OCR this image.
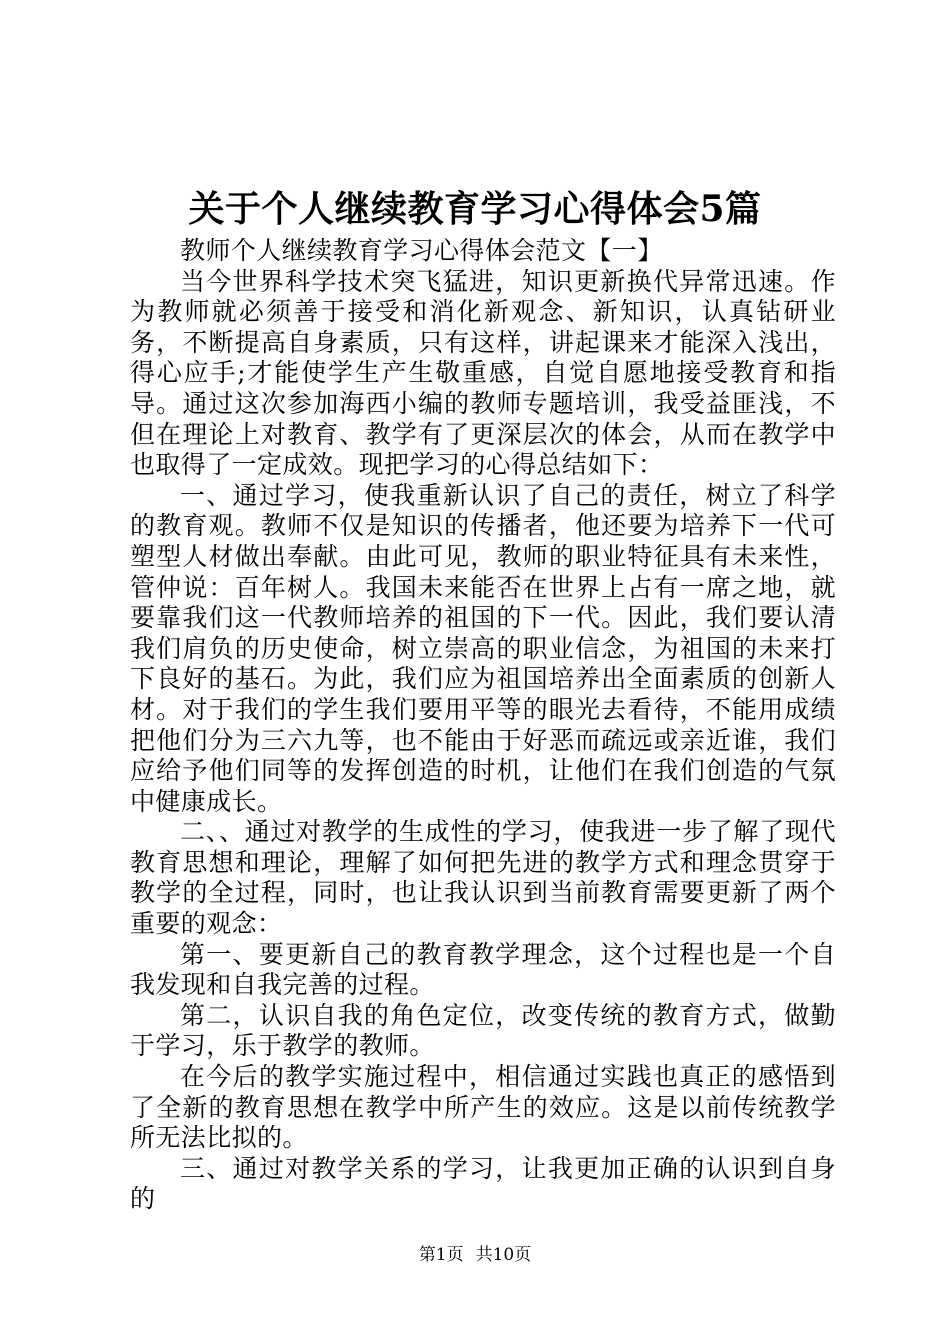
关于个人继续教育学习心得体会5篇

教师个人继续教育学习心得体会范文【一】

当今世界科学技术突飞猛进，知识更新换代异常迅速。作为教师就必须善于接受和消化新观念、新知识，认真钻研业务，不断提高自身素质，只有这样，讲起课来才能深入浅出，得心应手;才能使学生产生敬重感，自觉自愿地接受教育和指导。通过这次参加海西小编的教师专题培训，我受益匪浅，不但在理论上对教育、教学有了更深层次的体会，从而在教学中也取得了一定成效。现把学习的心得总结如下：

一、通过学习，使我重新认识了自己的责任，树立了科学的教育观。教师不仅是知识的传播者，他还要为培养下一代可塑型人材做出奉献。由此可见，教师的职业特征具有未来性，管仲说：百年树人。我国未来能否在世界上占有一席之地，就要靠我们这一代教师培养的祖国的下一代。因此，我们要认清我们肩负的历史使命，树立崇高的职业信念，为祖国的未来打下良好的基石。为此，我们应为祖国培养出全面素质的创新人材。对于我们的学生我们要用平等的眼光去看待，不能用成绩把他们分为三六九等，也不能由于好恶而疏远或亲近谁，我们应给予他们同等的发挥创造的时机，让他们在我们创造的气氛中健康成长。

二、、通过对教学的生成性的学习，使我进一步了解了现代教育思想和理论，理解了如何把先进的教学方式和理念贯穿于教学的全过程，同时，也让我认识到当前教育需要更新了两个重要的观念：

第一、要更新自己的教育教学理念，这个过程也是一个自我发现和自我完善的过程。

第二，认识自我的角色定位，改变传统的教育方式，做勤于学习，乐于教学的教师。

在今后的教学实施过程中，相信通过实践也真正的感悟到了全新的教育思想在教学中所产生的效应。这是以前传统教学所无法比拟的。

三、通过对教学关系的学习，让我更加正确的认识到自身的

第1页 共10页
